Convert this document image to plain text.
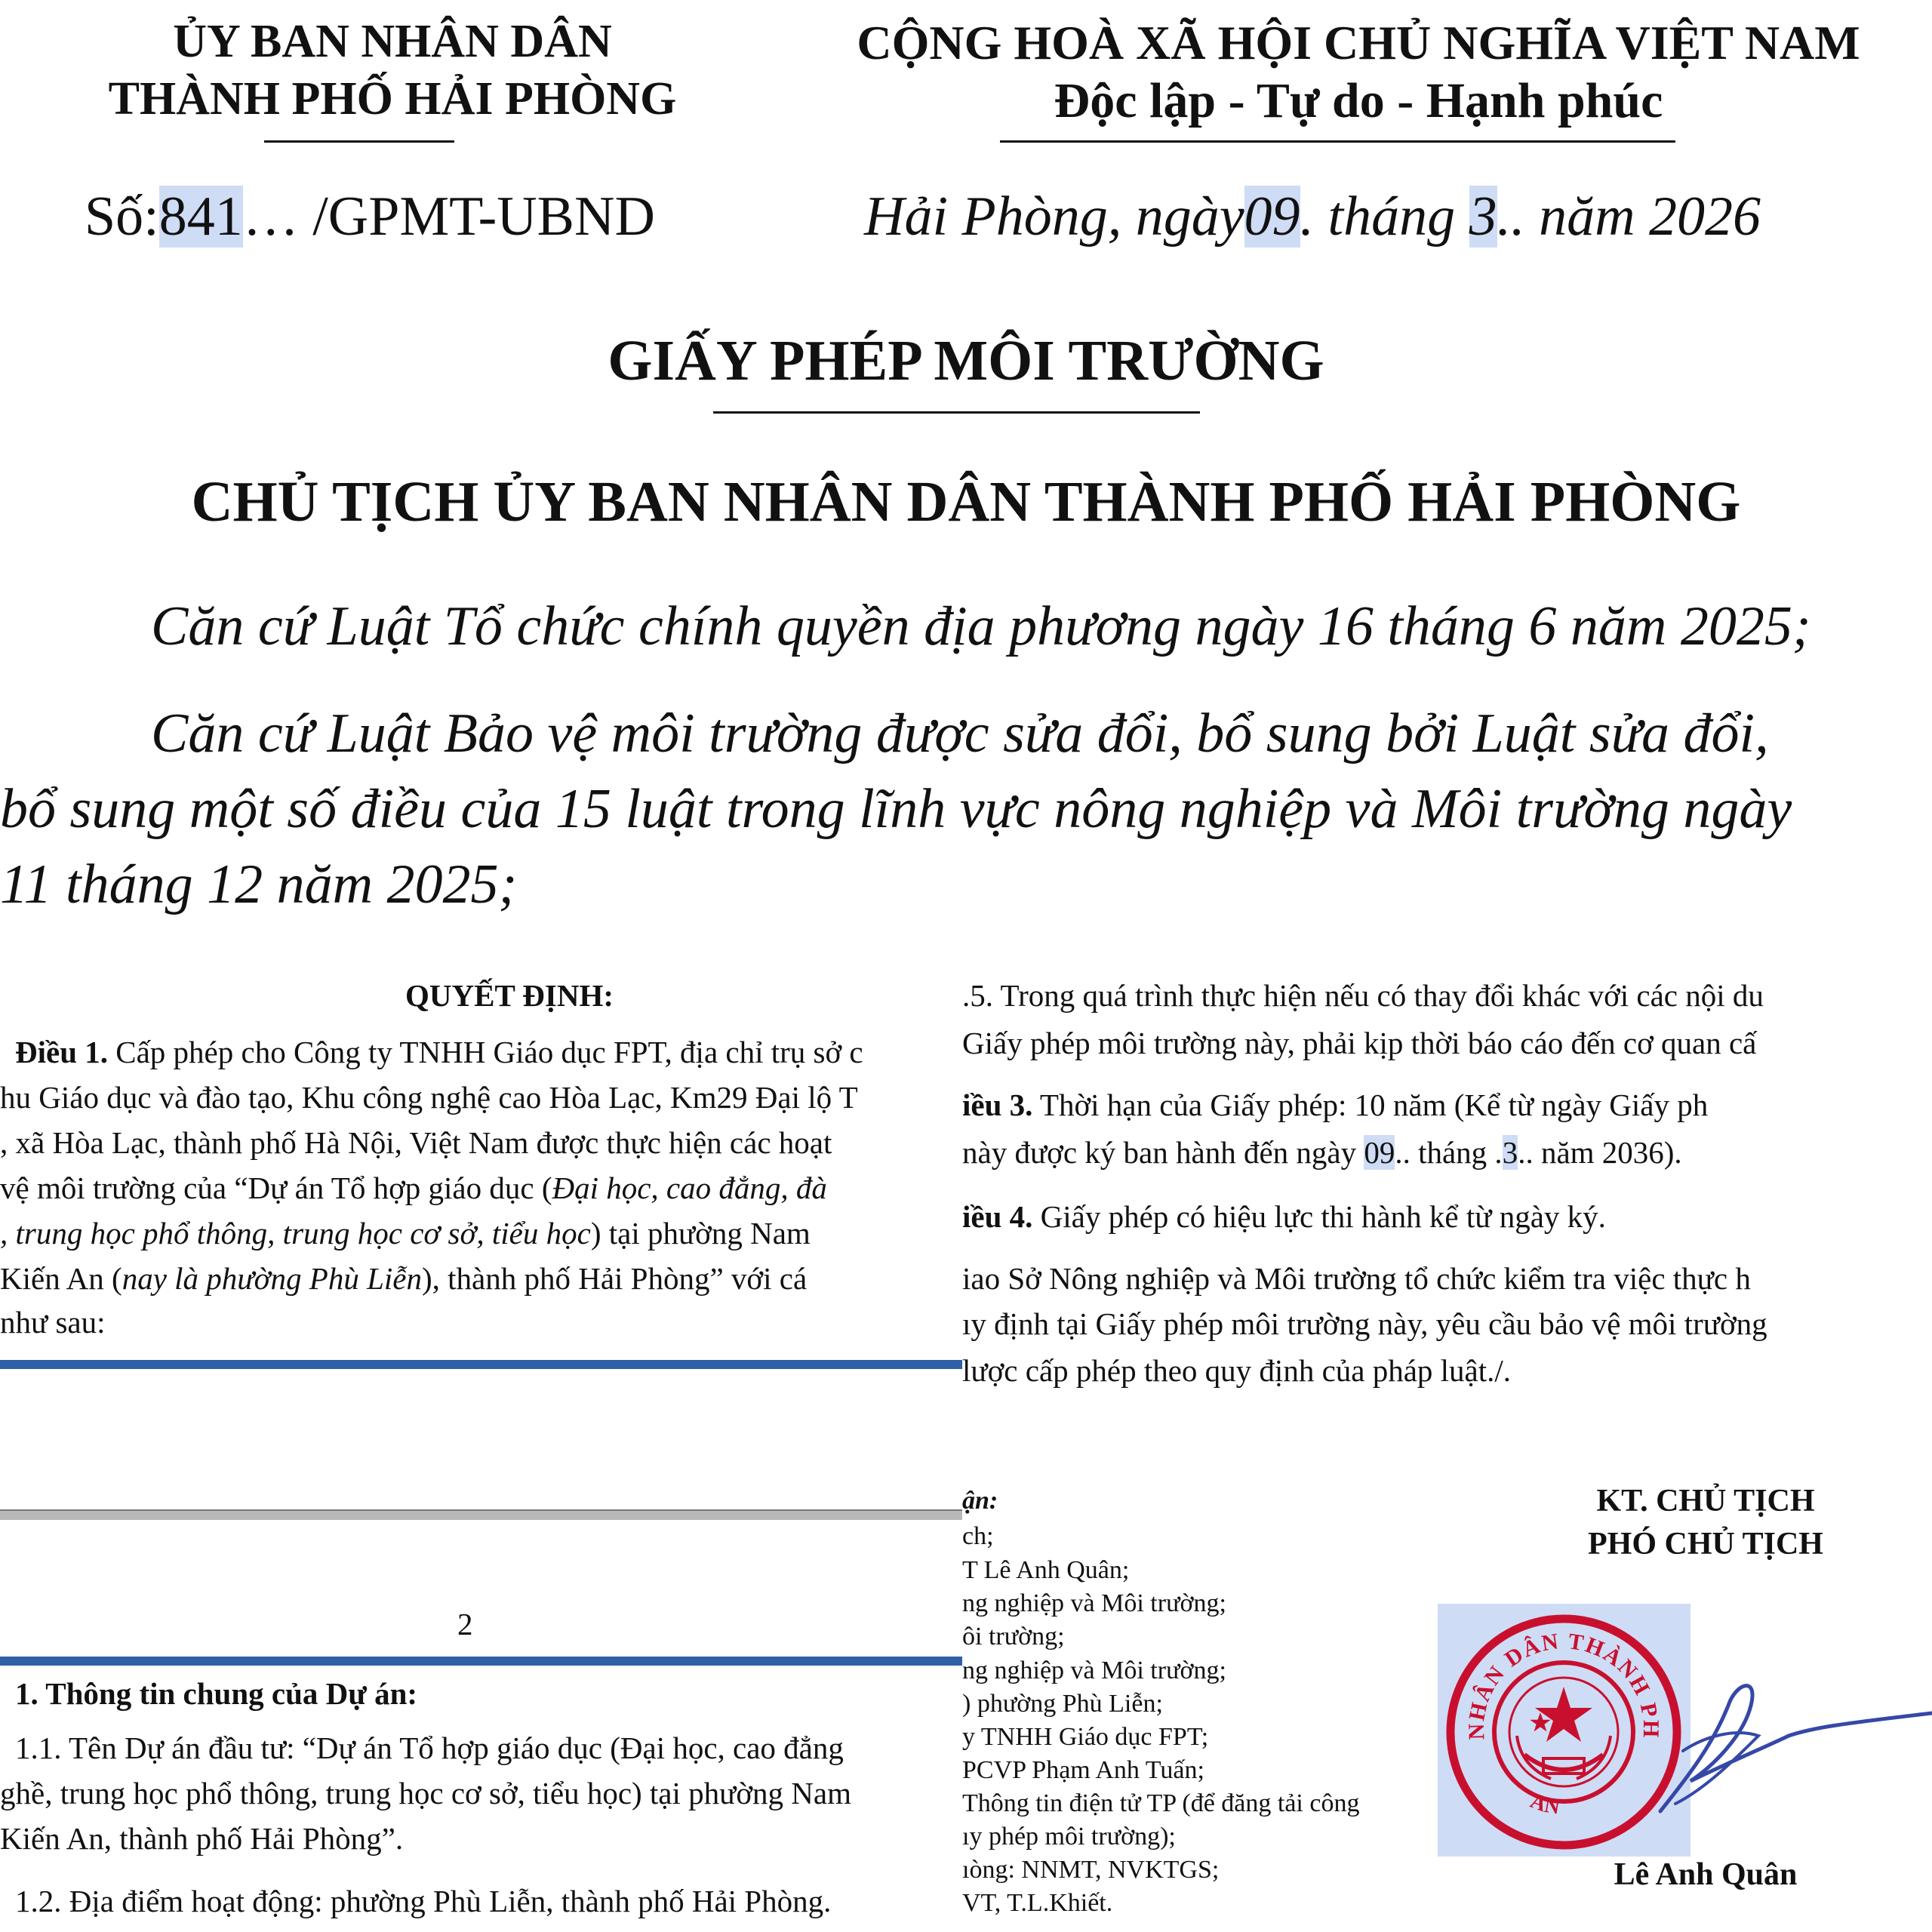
ỦY BAN NHÂN DÂN
THÀNH PHỐ HẢI PHÒNG
CỘNG HOÀ XÃ HỘI CHỦ NGHĨA VIỆT NAM
Độc lập - Tự do - Hạnh phúc
Số:841… /GPMT-UBND	Hải Phòng, ngày09. tháng 3.. năm 2026
GIẤY PHÉP MÔI TRƯỜNG
CHỦ TỊCH ỦY BAN NHÂN DÂN THÀNH PHỐ HẢI PHÒNG
Căn cứ Luật Tổ chức chính quyền địa phương ngày 16 tháng 6 năm 2025;
Căn cứ Luật Bảo vệ môi trường được sửa đổi, bổ sung bởi Luật sửa đổi,
bổ sung một số điều của 15 luật trong lĩnh vực nông nghiệp và Môi trường ngày
11 tháng 12 năm 2025;
QUYẾT ĐỊNH:
Điều 1. Cấp phép cho Công ty TNHH Giáo dục FPT, địa chỉ trụ sở c
hu Giáo dục và đào tạo, Khu công nghệ cao Hòa Lạc, Km29 Đại lộ T
, xã Hòa Lạc, thành phố Hà Nội, Việt Nam được thực hiện các hoạt
vệ môi trường của “Dự án Tổ hợp giáo dục (Đại học, cao đẳng, đà
, trung học phổ thông, trung học cơ sở, tiểu học) tại phường Nam
Kiến An (nay là phường Phù Liễn), thành phố Hải Phòng” với cá
như sau:
2
1. Thông tin chung của Dự án:
1.1. Tên Dự án đầu tư: “Dự án Tổ hợp giáo dục (Đại học, cao đẳng
ghề, trung học phổ thông, trung học cơ sở, tiểu học) tại phường Nam
Kiến An, thành phố Hải Phòng”.
1.2. Địa điểm hoạt động: phường Phù Liễn, thành phố Hải Phòng.
.5. Trong quá trình thực hiện nếu có thay đổi khác với các nội du
Giấy phép môi trường này, phải kịp thời báo cáo đến cơ quan cấ
iều 3. Thời hạn của Giấy phép: 10 năm (Kể từ ngày Giấy ph
này được ký ban hành đến ngày 09.. tháng .3.. năm 2036).
iều 4. Giấy phép có hiệu lực thi hành kể từ ngày ký.
iao Sở Nông nghiệp và Môi trường tổ chức kiểm tra việc thực h
ıy định tại Giấy phép môi trường này, yêu cầu bảo vệ môi trường
lược cấp phép theo quy định của pháp luật./.
ận:
ch;
T Lê Anh Quân;
ng nghiệp và Môi trường;
ôi trường;
ng nghiệp và Môi trường;
) phường Phù Liễn;
y TNHH Giáo dục FPT;
PCVP Phạm Anh Tuấn;
Thông tin điện tử TP (để đăng tải công
ıy phép môi trường);
ıòng: NNMT, NVKTGS;
VT, T.L.Khiết.
KT. CHỦ TỊCH
PHÓ CHỦ TỊCH
NHÂN DÂN THÀNH PH
AN
Lê Anh Quân
